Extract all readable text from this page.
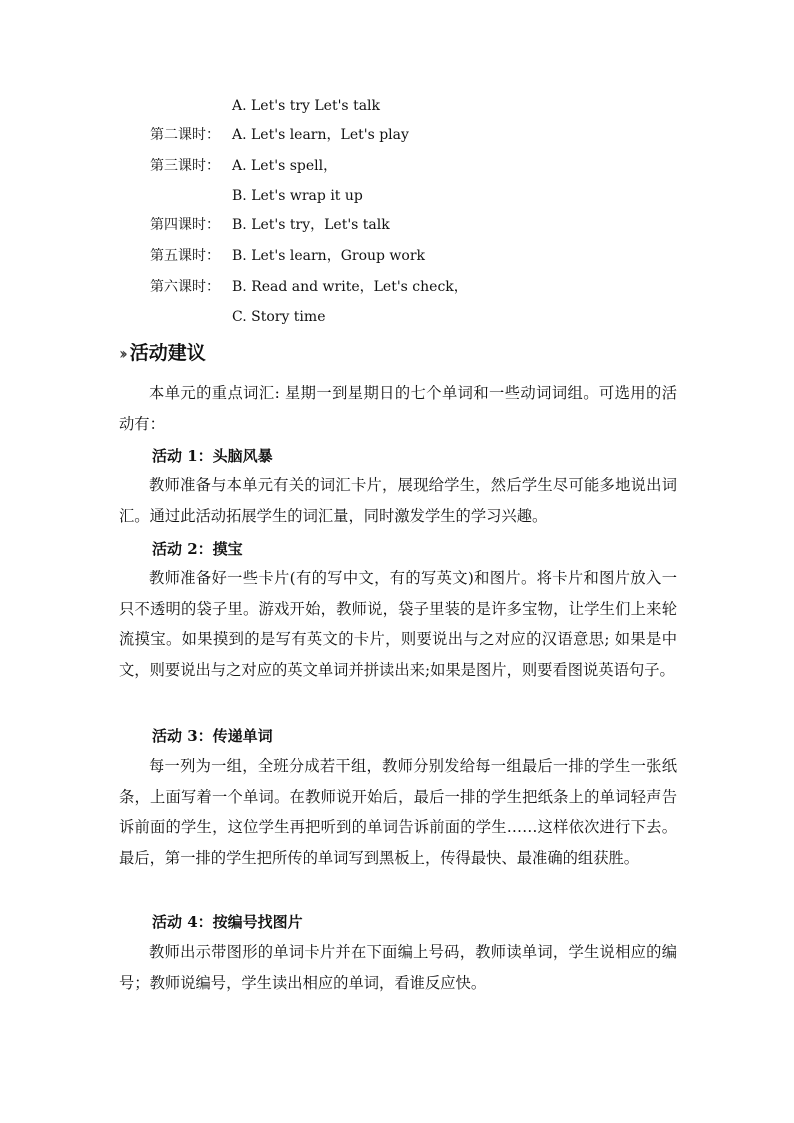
A. Let's try Let's talk
第二课时： A. Let's learn，Let's play
第三课时： A. Let's spell，
B. Let's wrap it up
第四课时： B. Let's try，Let's talk
第五课时： B. Let's learn，Group work
第六课时： B. Read and write，Let's check，
C. Story time
›› 活动建议
本单元的重点词汇: 星期一到星期日的七个单词和一些动词词组。可选用的活动有：
活动 1：头脑风暴
教师准备与本单元有关的词汇卡片，展现给学生，然后学生尽可能多地说出词汇。通过此活动拓展学生的词汇量，同时激发学生的学习兴趣。
活动 2：摸宝
教师准备好一些卡片(有的写中文，有的写英文)和图片。将卡片和图片放入一只不透明的袋子里。游戏开始，教师说，袋子里装的是许多宝物，让学生们上来轮流摸宝。如果摸到的是写有英文的卡片，则要说出与之对应的汉语意思; 如果是中文，则要说出与之对应的英文单词并拼读出来;如果是图片，则要看图说英语句子。
活动 3：传递单词
每一列为一组，全班分成若干组，教师分别发给每一组最后一排的学生一张纸条，上面写着一个单词。在教师说开始后，最后一排的学生把纸条上的单词轻声告诉前面的学生，这位学生再把听到的单词告诉前面的学生……这样依次进行下去。最后，第一排的学生把所传的单词写到黑板上，传得最快、最准确的组获胜。
活动 4：按编号找图片
教师出示带图形的单词卡片并在下面编上号码，教师读单词，学生说相应的编号；教师说编号，学生读出相应的单词，看谁反应快。
